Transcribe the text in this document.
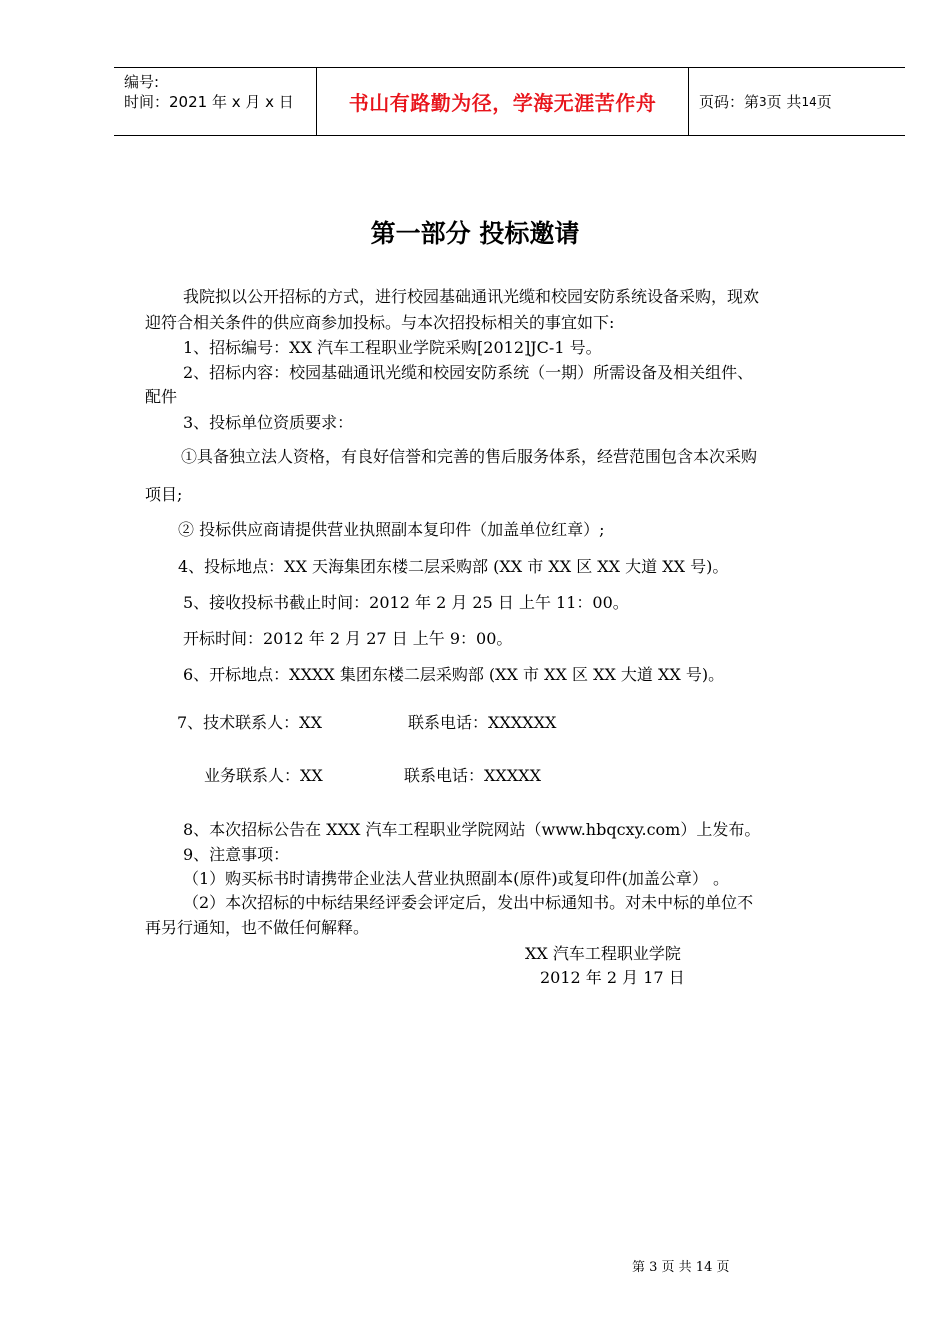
编号:
时间：2021 年 x 月 x 日	书山有路勤为径，学海无涯苦作舟	页码：第 3 页 共 14 页
第一部分 投标邀请
我院拟以公开招标的方式，进行校园基础通讯光缆和校园安防系统设备采购，现欢
迎符合相关条件的供应商参加投标。与本次招投标相关的事宜如下:
1、招标编号：XX 汽车工程职业学院采购[2012]JC-1 号。
2、招标内容：校园基础通讯光缆和校园安防系统（一期）所需设备及相关组件、
配件
3、投标单位资质要求：
①具备独立法人资格，有良好信誉和完善的售后服务体系，经营范围包含本次采购
项目;
② 投标供应商请提供营业执照副本复印件（加盖单位红章）;
4、投标地点：XX 天海集团东楼二层采购部 (XX 市 XX 区 XX 大道 XX 号)。
5、接收投标书截止时间：2012 年 2 月 25 日 上午 11：00。
开标时间：2012 年 2 月 27 日 上午 9：00。
6、开标地点：XXXX 集团东楼二层采购部 (XX 市 XX 区 XX 大道 XX 号)。
7、技术联系人：XX	联系电话：XXXXXX
业务联系人：XX	联系电话：XXXXX
8、本次招标公告在 XXX 汽车工程职业学院网站（www.hbqcxy.com）上发布。
9、注意事项：
（1）购买标书时请携带企业法人营业执照副本(原件)或复印件(加盖公章） 。
（2）本次招标的中标结果经评委会评定后，发出中标通知书。对未中标的单位不
再另行通知，也不做任何解释。
XX 汽车工程职业学院
2012 年 2 月 17 日
第 3 页 共 14 页
